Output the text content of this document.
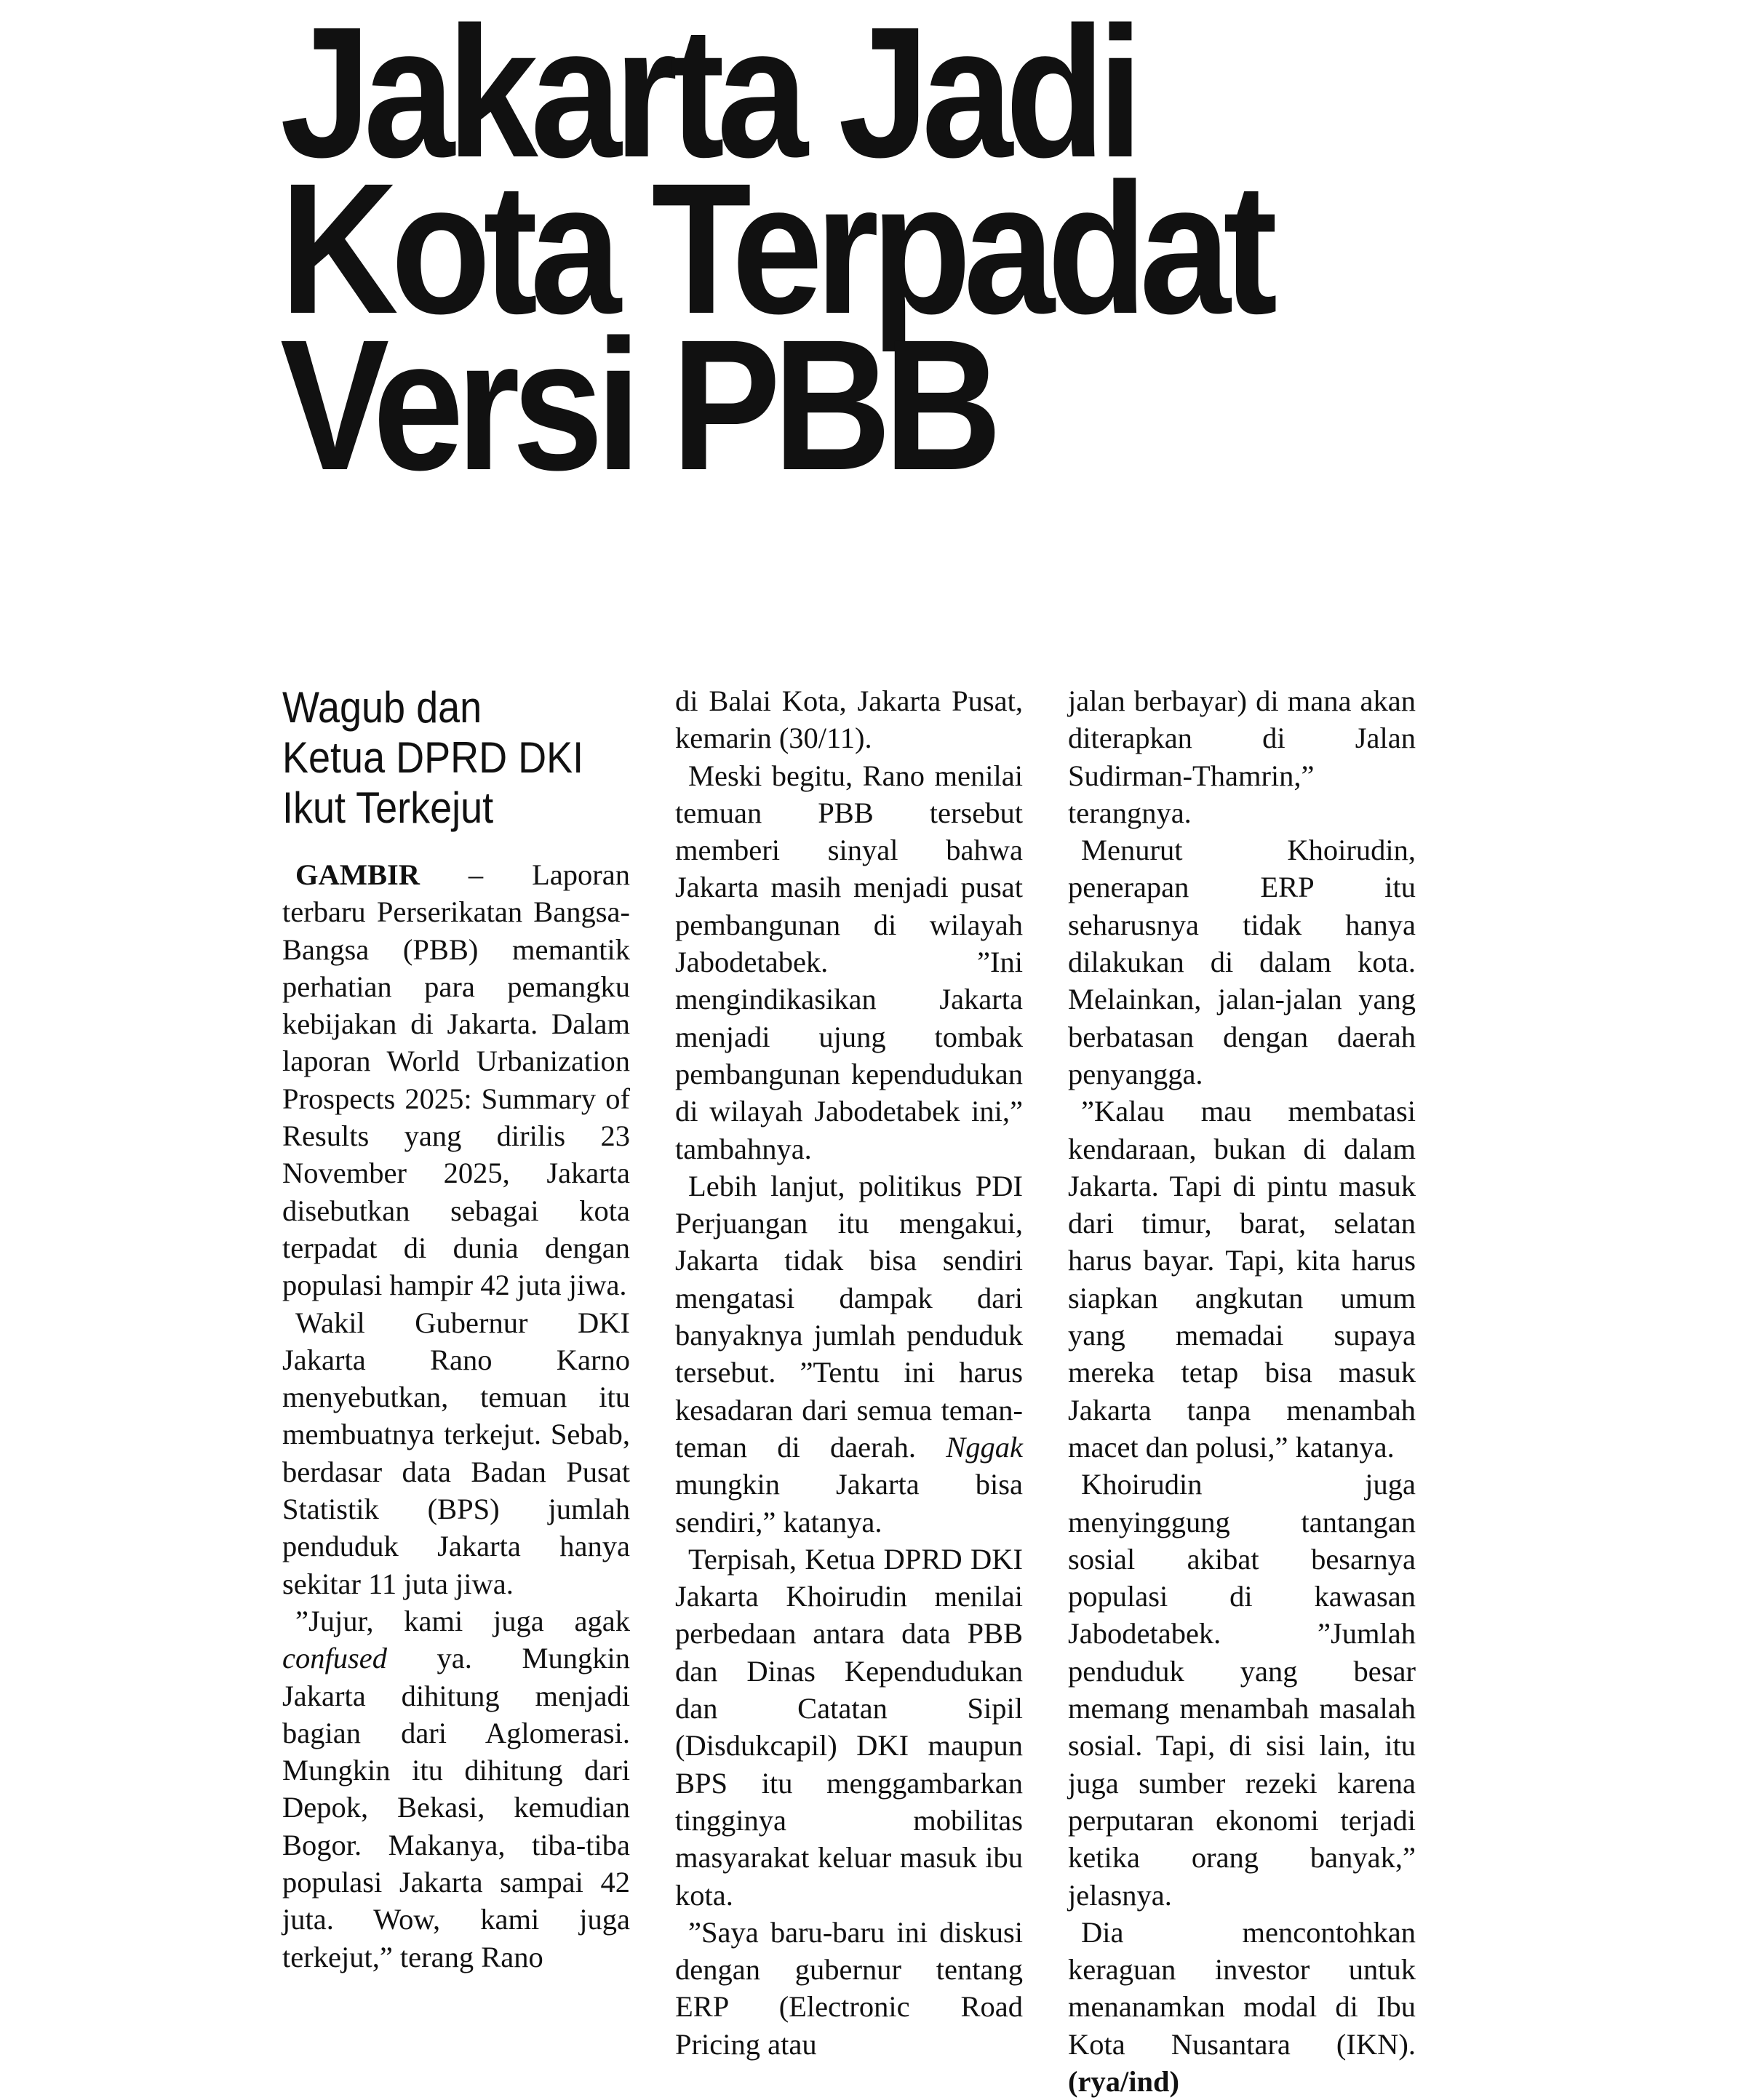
Jakarta Jadi
Kota Terpadat
Versi PBB
Wagub dan
Ketua DPRD DKI
Ikut Terkejut

GAMBIR – Laporan terbaru Perserikatan Bangsa-Bangsa (PBB) memantik perhatian para pemangku kebijakan di Jakarta. Dalam laporan World Urbanization Prospects 2025: Summary of Results yang dirilis 23 November 2025, Jakarta disebutkan sebagai kota terpadat di dunia dengan populasi hampir 42 juta jiwa.

Wakil Gubernur DKI Jakarta Rano Karno menyebutkan, temuan itu membuatnya terkejut. Sebab, berdasar data Badan Pusat Statistik (BPS) jumlah penduduk Jakarta hanya sekitar 11 juta jiwa.

”Jujur, kami juga agak confused ya. Mungkin Jakarta dihitung menjadi bagian dari Aglomerasi. Mungkin itu dihitung dari Depok, Bekasi, kemudian Bogor. Makanya, tiba-tiba populasi Jakarta sampai 42 juta. Wow, kami juga terkejut,” terang Rano

di Balai Kota, Jakarta Pusat, kemarin (30/11).

Meski begitu, Rano menilai temuan PBB tersebut memberi sinyal bahwa Jakarta masih menjadi pusat pembangunan di wilayah Jabodetabek. ”Ini mengindikasikan Jakarta menjadi ujung tombak pembangunan kependudukan di wilayah Jabodetabek ini,” tambahnya.

Lebih lanjut, politikus PDI Perjuangan itu mengakui, Jakarta tidak bisa sendiri mengatasi dampak dari banyaknya jumlah penduduk tersebut. ”Tentu ini harus kesadaran dari semua teman-teman di daerah. Nggak mungkin Jakarta bisa sendiri,” katanya.

Terpisah, Ketua DPRD DKI Jakarta Khoirudin menilai perbedaan antara data PBB dan Dinas Kependudukan dan Catatan Sipil (Disdukcapil) DKI maupun BPS itu menggambarkan tingginya mobilitas masyarakat keluar masuk ibu kota.

”Saya baru-baru ini diskusi dengan gubernur tentang ERP (Electronic Road Pricing atau

jalan berbayar) di mana akan diterapkan di Jalan Sudirman-Thamrin,” terangnya.

Menurut Khoirudin, penerapan ERP itu seharusnya tidak hanya dilakukan di dalam kota. Melainkan, jalan-jalan yang berbatasan dengan daerah penyangga.

”Kalau mau membatasi kendaraan, bukan di dalam Jakarta. Tapi di pintu masuk dari timur, barat, selatan harus bayar. Tapi, kita harus siapkan angkutan umum yang memadai supaya mereka tetap bisa masuk Jakarta tanpa menambah macet dan polusi,” katanya.

Khoirudin juga menyinggung tantangan sosial akibat besarnya populasi di kawasan Jabodetabek. ”Jumlah penduduk yang besar memang menambah masalah sosial. Tapi, di sisi lain, itu juga sumber rezeki karena perputaran ekonomi terjadi ketika orang banyak,” jelasnya.

Dia mencontohkan keraguan investor untuk menanamkan modal di Ibu Kota Nusantara (IKN). (rya/ind)
